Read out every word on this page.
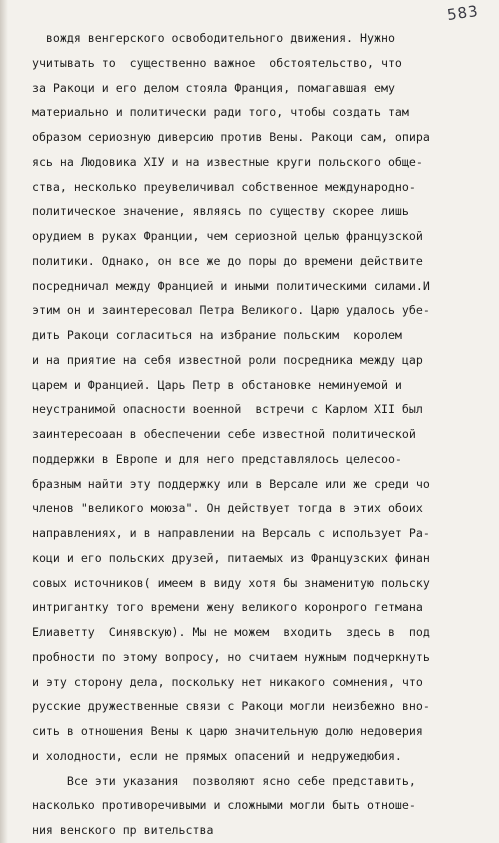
583
вождя венгерского освободительного движения. Нужно
учитывать то  существенно важное  обстоятельство, что
за Ракоци и его делом стояла Франция, помагавшая ему
материально и политически ради того, чтобы создать там
образом сериозную диверсию против Вены. Ракоци сам, опира
ясь на Людовика XIУ и на известные круги польского обще-
ства, несколько преувеличивал собственное международно-
политическое значение, являясь по существу скорее лишь
орудием в руках Франции, чем сериозной целью французской
политики. Однако, он все же до поры до времени действите
посредничал между Францией и иными политическими силами.И
этим он и заинтересовал Петра Великого. Царю удалось убе-
дить Ракоци согласиться на избрание польским  королем
и на приятие на себя известной роли посредника между цар
царем и Францией. Царь Петр в обстановке неминуемой и
неустранимой опасности военной  встречи с Карлом XII был
заинтересоаан в обеспечении себе известной политической
поддержки в Европе и для него представлялось целесоо-
бразным найти эту поддержку или в Версале или же среди чо
членов "великого моюза". Он действует тогда в этих обоих
направлениях, и в направлении на Версаль с использует Ра-
коци и его польских друзей, питаемых из Французских финан
совых источников( имеем в виду хотя бы знаменитую польску
интригантку того времени жену великого коронрого гетмана
Елиаветту  Синявскую). Мы не можем  входить  здесь в  под
пробности по этому вопросу, но считаем нужным подчеркнуть
и эту сторону дела, поскольку нет никакого сомнения, что
русские дружественные связи с Ракоци могли неизбежно вно-
сить в отношения Вены к царю значительную долю недоверия
и холодности, если не прямых опасений и недружедюбия.
Все эти указания  позволяют ясно себе представить,
насколько противоречивыми и сложными могли быть отноше-
ния венского пр вительства
